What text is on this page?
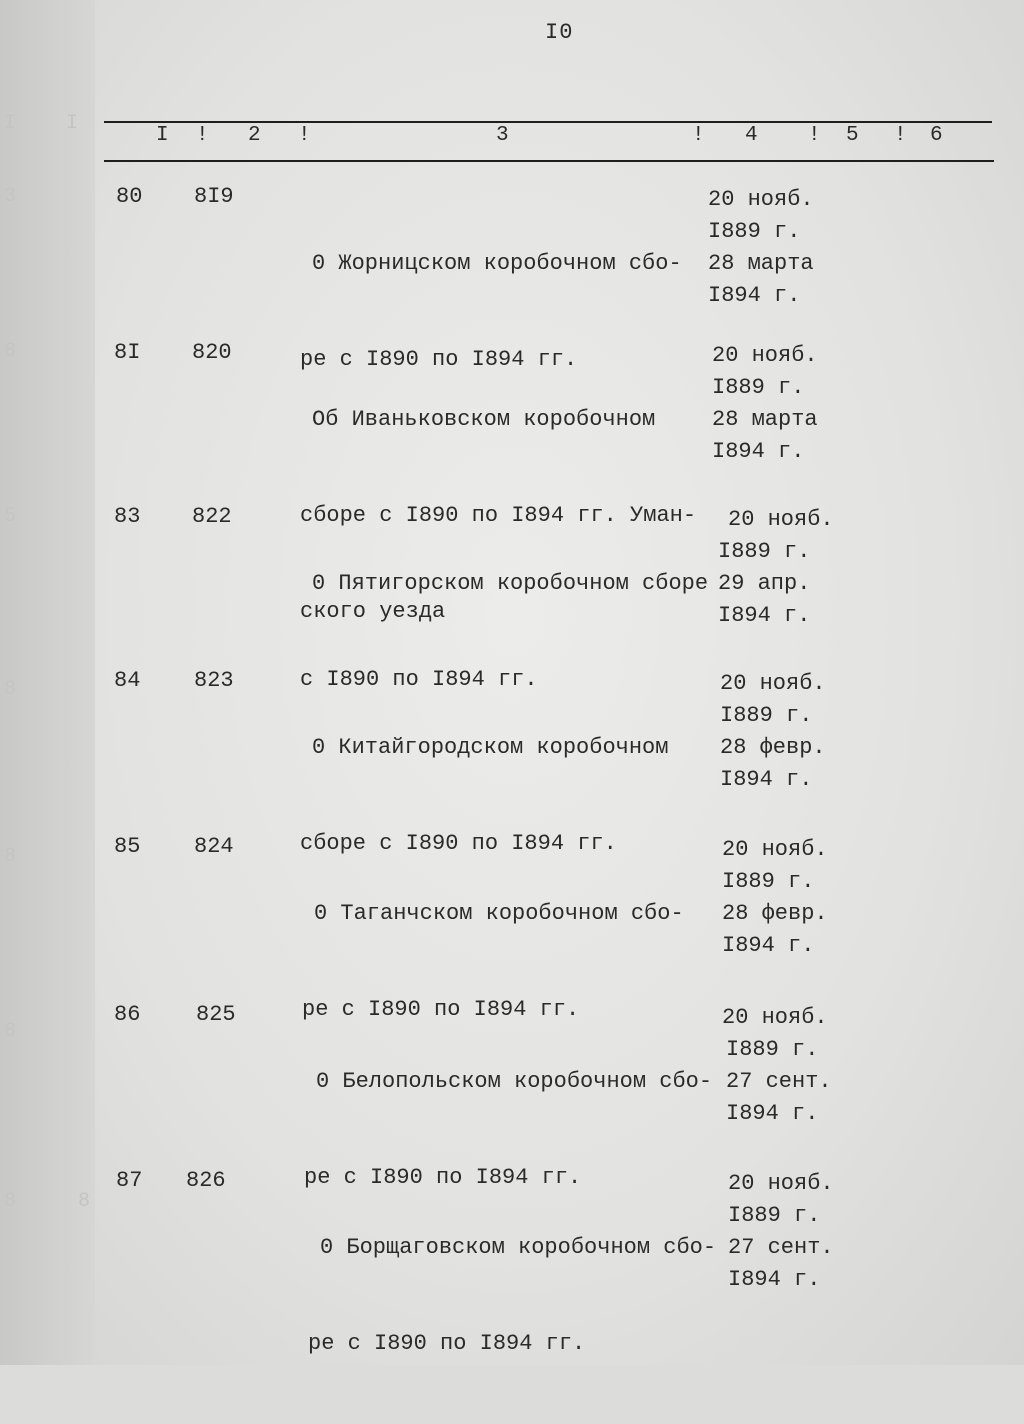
I I
3
8
5
8
8
8
8	8
I0
I ! 2 !	3	! 4 ! 5 ! 6
80 8I9

0 Жорницском коробочном сбо-

ре с I890 по I894 гг.

20 нояб.
I889 г.
28 марта
I894 г.
8I 820

Об Иваньковском коробочном

сборе с I890 по I894 гг. Уман-

ского уезда

20 нояб.
I889 г.
28 марта
I894 г.
83 822

0 Пятигорском коробочном сборе

с I890 по I894 гг.

20 нояб.
I889 г.
29 апр.
I894 г.
84 823

0 Китайгородском коробочном

сборе с I890 по I894 гг.

20 нояб.
I889 г.
28 февр.
I894 г.
85 824

0 Таганчском коробочном сбо-

ре с I890 по I894 гг.

20 нояб.
I889 г.
28 февр.
I894 г.
86	825

0 Белопольском коробочном сбо-

ре с I890 по I894 гг.

20 нояб.
I889 г.
27 сент.
I894 г.
87 826

0 Борщаговском коробочном сбо-

ре с I890 по I894 гг.

20 нояб.
I889 г.
27 сент.
I894 г.
